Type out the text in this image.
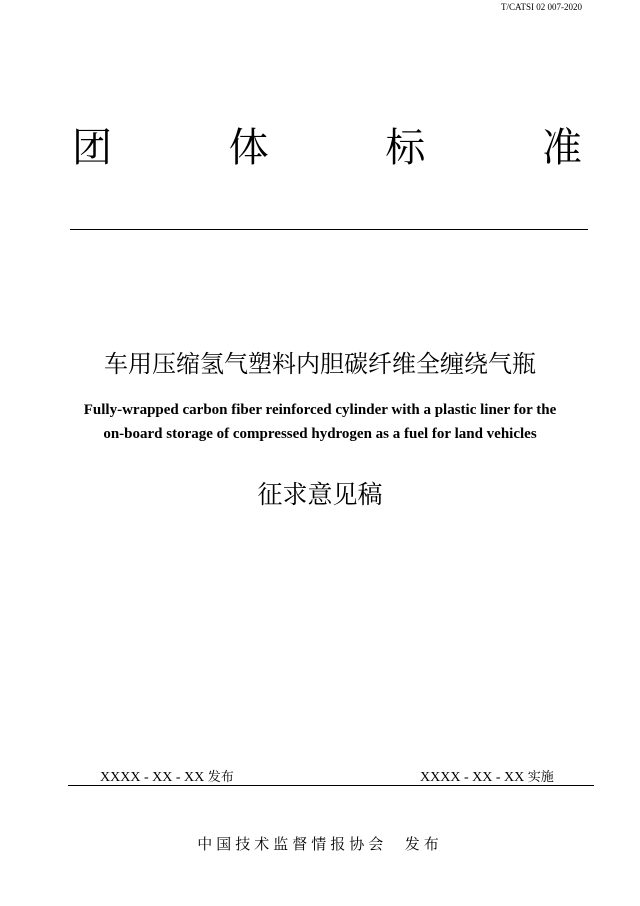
T/CATSI 02 007-2020
团	体	标	准
车用压缩氢气塑料内胆碳纤维全缠绕气瓶
Fully-wrapped carbon fiber reinforced cylinder with a plastic liner for the
on-board storage of compressed hydrogen as a fuel for land vehicles
征求意见稿
XXXX - XX - XX 发布	XXXX - XX - XX 实施
中国技术监督情报协会  发布
